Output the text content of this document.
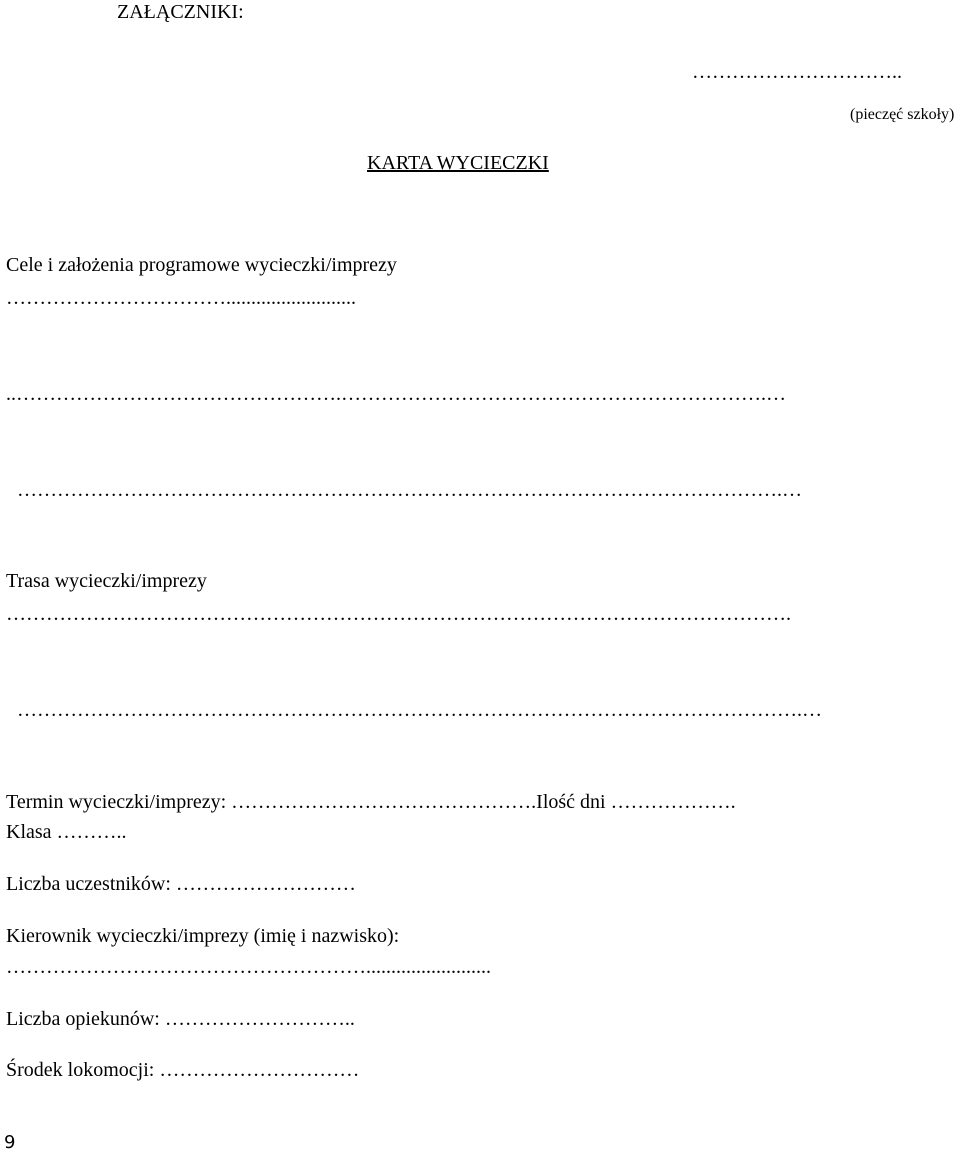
ZAŁĄCZNIKI:
…………………………..
(pieczęć szkoły)
KARTA WYCIECZKI
Cele i założenia programowe wycieczki/imprezy
……………………………..........................
..………………………………………….……………………………………………………….…
…………………………………………………………………………………………………….…
Trasa wycieczki/imprezy
……………………………………………………………………………………………………….
……………………………………………………………………………………………………….…
Termin wycieczki/imprezy: ……………………………………….Ilość dni ……………….
Klasa ………..
Liczba uczestników: ………………………
Kierownik wycieczki/imprezy (imię i nazwisko):
……………………………………………….........................
Liczba opiekunów: ………………………..
Środek lokomocji: …………………………
9
